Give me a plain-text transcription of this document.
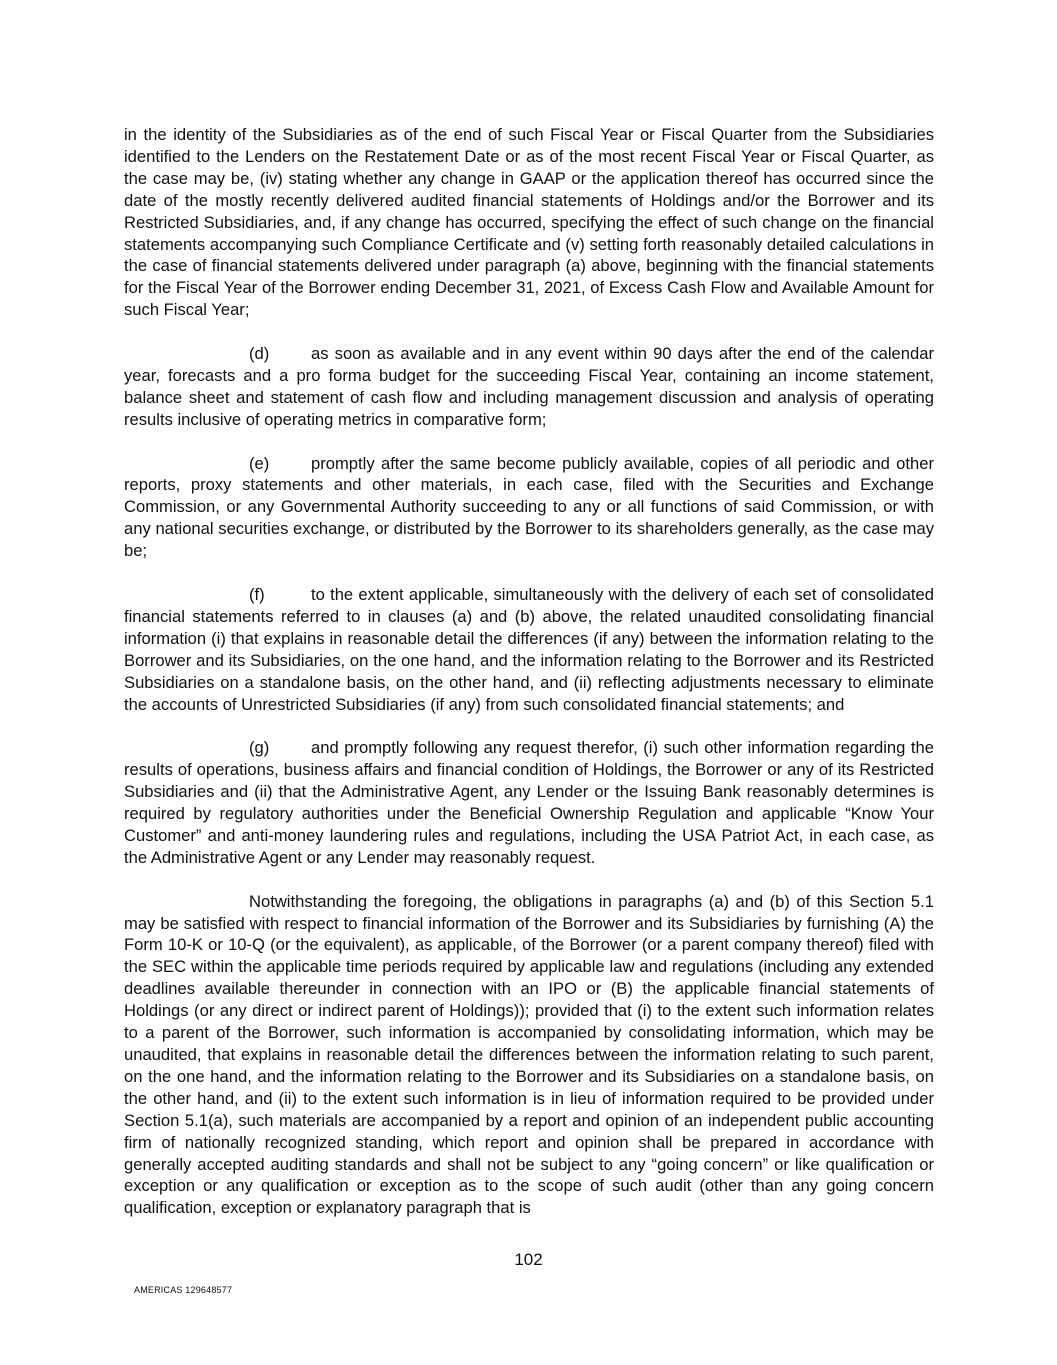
in the identity of the Subsidiaries as of the end of such Fiscal Year or Fiscal Quarter from the Subsidiaries identified to the Lenders on the Restatement Date or as of the most recent Fiscal Year or Fiscal Quarter, as the case may be, (iv) stating whether any change in GAAP or the application thereof has occurred since the date of the mostly recently delivered audited financial statements of Holdings and/or the Borrower and its Restricted Subsidiaries, and, if any change has occurred, specifying the effect of such change on the financial statements accompanying such Compliance Certificate and (v) setting forth reasonably detailed calculations in the case of financial statements delivered under paragraph (a) above, beginning with the financial statements for the Fiscal Year of the Borrower ending December 31, 2021, of Excess Cash Flow and Available Amount for such Fiscal Year;

(d)	as soon as available and in any event within 90 days after the end of the calendar year, forecasts and a pro forma budget for the succeeding Fiscal Year, containing an income statement, balance sheet and statement of cash flow and including management discussion and analysis of operating results inclusive of operating metrics in comparative form;

(e)	promptly after the same become publicly available, copies of all periodic and other reports, proxy statements and other materials, in each case, filed with the Securities and Exchange Commission, or any Governmental Authority succeeding to any or all functions of said Commission, or with any national securities exchange, or distributed by the Borrower to its shareholders generally, as the case may be;

(f)	to the extent applicable, simultaneously with the delivery of each set of consolidated financial statements referred to in clauses (a) and (b) above, the related unaudited consolidating financial information (i) that explains in reasonable detail the differences (if any) between the information relating to the Borrower and its Subsidiaries, on the one hand, and the information relating to the Borrower and its Restricted Subsidiaries on a standalone basis, on the other hand, and (ii) reflecting adjustments necessary to eliminate the accounts of Unrestricted Subsidiaries (if any) from such consolidated financial statements; and

(g)	and promptly following any request therefor, (i) such other information regarding the results of operations, business affairs and financial condition of Holdings, the Borrower or any of its Restricted Subsidiaries and (ii) that the Administrative Agent, any Lender or the Issuing Bank reasonably determines is required by regulatory authorities under the Beneficial Ownership Regulation and applicable “Know Your Customer” and anti-money laundering rules and regulations, including the USA Patriot Act, in each case, as the Administrative Agent or any Lender may reasonably request.

Notwithstanding the foregoing, the obligations in paragraphs (a) and (b) of this Section 5.1 may be satisfied with respect to financial information of the Borrower and its Subsidiaries by furnishing (A) the Form 10-K or 10-Q (or the equivalent), as applicable, of the Borrower (or a parent company thereof) filed with the SEC within the applicable time periods required by applicable law and regulations (including any extended deadlines available thereunder in connection with an IPO or (B) the applicable financial statements of Holdings (or any direct or indirect parent of Holdings)); provided that (i) to the extent such information relates to a parent of the Borrower, such information is accompanied by consolidating information, which may be unaudited, that explains in reasonable detail the differences between the information relating to such parent, on the one hand, and the information relating to the Borrower and its Subsidiaries on a standalone basis, on the other hand, and (ii) to the extent such information is in lieu of information required to be provided under Section 5.1(a), such materials are accompanied by a report and opinion of an independent public accounting firm of nationally recognized standing, which report and opinion shall be prepared in accordance with generally accepted auditing standards and shall not be subject to any “going concern” or like qualification or exception or any qualification or exception as to the scope of such audit (other than any going concern qualification, exception or explanatory paragraph that is

102
AMERICAS 129648577
